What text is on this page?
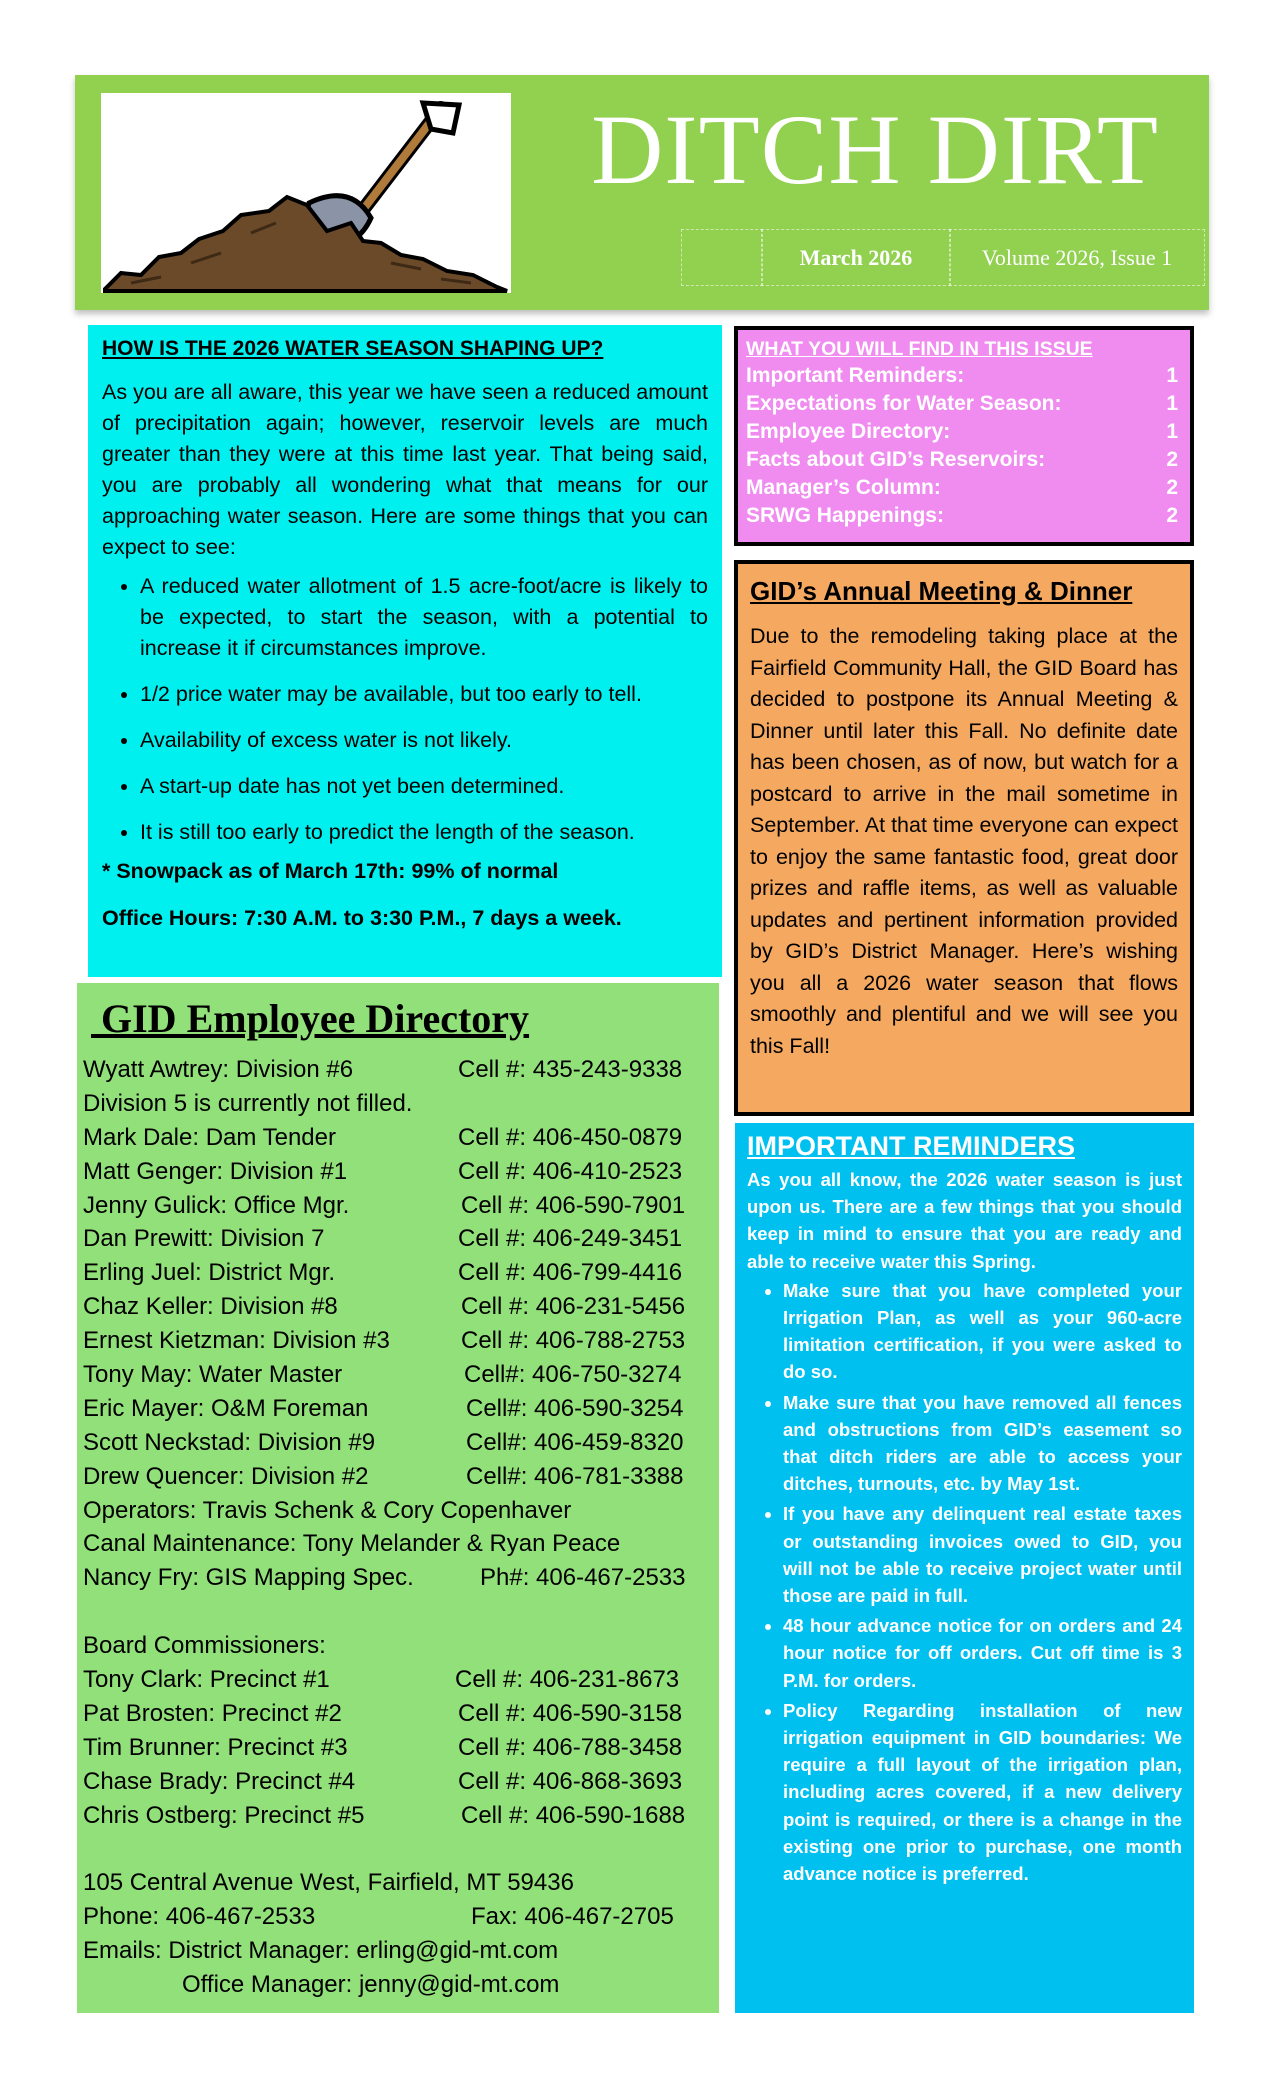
DITCH DIRT
March 2026	Volume 2026, Issue 1
HOW IS THE 2026 WATER SEASON SHAPING UP?

As you are all aware, this year we have seen a reduced amount of precipitation again; however, reservoir levels are much greater than they were at this time last year. That being said, you are probably all wondering what that means for our approaching water season. Here are some things that you can expect to see:

• A reduced water allotment of 1.5 acre-foot/acre is likely to be expected, to start the season, with a potential to increase it if circumstances improve.
• 1/2 price water may be available, but too early to tell.
• Availability of excess water is not likely.
• A start-up date has not yet been determined.
• It is still too early to predict the length of the season.
* Snowpack as of March 17th: 99% of normal
Office Hours: 7:30 A.M. to 3:30 P.M., 7 days a week.
GID Employee Directory
Wyatt Awtrey: Division #6	Cell #: 435-243-9338
Division 5 is currently not filled.
Mark Dale: Dam Tender	Cell #: 406-450-0879
Matt Genger: Division #1	Cell #: 406-410-2523
Jenny Gulick: Office Mgr.	Cell #: 406-590-7901
Dan Prewitt: Division 7	Cell #: 406-249-3451
Erling Juel: District Mgr.	Cell #: 406-799-4416
Chaz Keller: Division #8	Cell #: 406-231-5456
Ernest Kietzman: Division #3	Cell #: 406-788-2753
Tony May: Water Master	Cell#: 406-750-3274
Eric Mayer: O&M Foreman	Cell#: 406-590-3254
Scott Neckstad: Division #9	Cell#: 406-459-8320
Drew Quencer: Division #2	Cell#: 406-781-3388
Operators: Travis Schenk & Cory Copenhaver
Canal Maintenance: Tony Melander & Ryan Peace
Nancy Fry: GIS Mapping Spec.	Ph#: 406-467-2533
Board Commissioners:
Tony Clark: Precinct #1	Cell #: 406-231-8673
Pat Brosten: Precinct #2	Cell #: 406-590-3158
Tim Brunner: Precinct #3	Cell #: 406-788-3458
Chase Brady: Precinct #4	Cell #: 406-868-3693
Chris Ostberg: Precinct #5	Cell #: 406-590-1688
105 Central Avenue West, Fairfield, MT 59436
Phone: 406-467-2533	Fax: 406-467-2705
Emails: District Manager: erling@gid-mt.com
Office Manager: jenny@gid-mt.com
WHAT YOU WILL FIND IN THIS ISSUE
Important Reminders:	1
Expectations for Water Season:	1
Employee Directory:	1
Facts about GID’s Reservoirs:	2
Manager’s Column:	2
SRWG Happenings:	2
GID’s Annual Meeting & Dinner

Due to the remodeling taking place at the Fairfield Community Hall, the GID Board has decided to postpone its Annual Meeting & Dinner until later this Fall. No definite date has been chosen, as of now, but watch for a postcard to arrive in the mail sometime in September. At that time everyone can expect to enjoy the same fantastic food, great door prizes and raffle items, as well as valuable updates and pertinent information provided by GID’s District Manager. Here’s wishing you all a 2026 water season that flows smoothly and plentiful and we will see you this Fall!

IMPORTANT REMINDERS

As you all know, the 2026 water season is just upon us. There are a few things that you should keep in mind to ensure that you are ready and able to receive water this Spring.

• Make sure that you have completed your Irrigation Plan, as well as your 960-acre limitation certification, if you were asked to do so.
• Make sure that you have removed all fences and obstructions from GID’s easement so that ditch riders are able to access your ditches, turnouts, etc. by May 1st.
• If you have any delinquent real estate taxes or outstanding invoices owed to GID, you will not be able to receive project water until those are paid in full.
• 48 hour advance notice for on orders and 24 hour notice for off orders. Cut off time is 3 P.M. for orders.
• Policy Regarding installation of new irrigation equipment in GID boundaries: We require a full layout of the irrigation plan, including acres covered, if a new delivery point is required, or there is a change in the existing one prior to purchase, one month advance notice is preferred.
